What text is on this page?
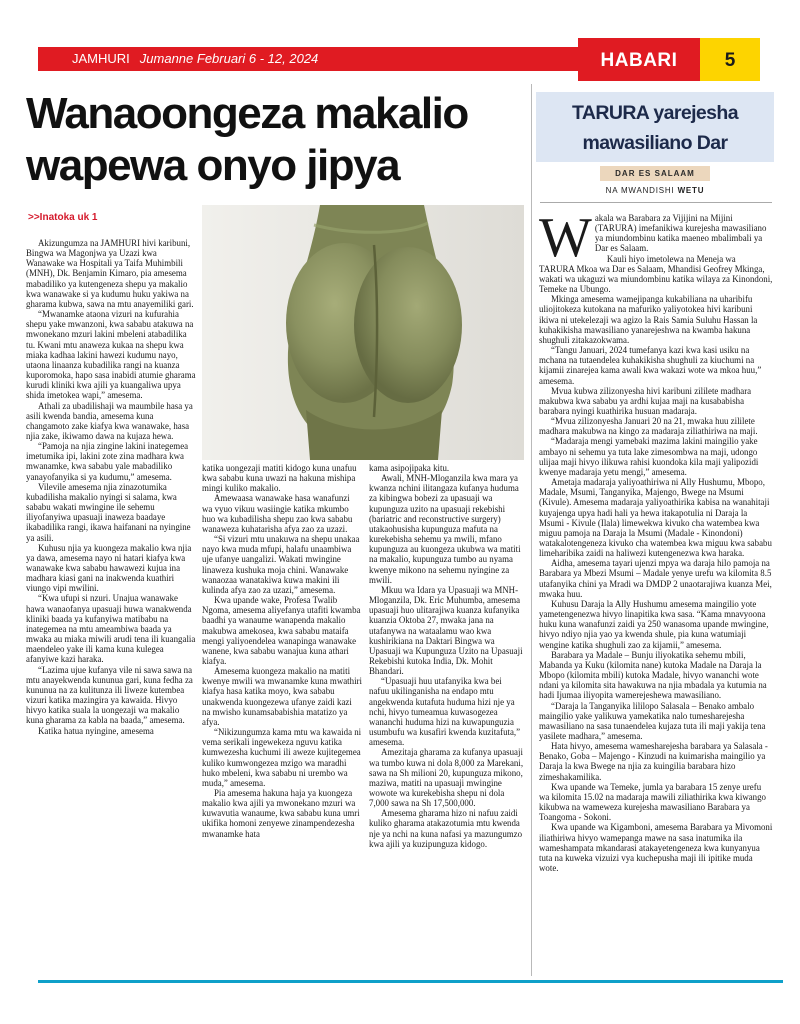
JAMHURI Jumanne Februari 6 - 12, 2024	HABARI	5
Wanaoongeza makalio wapewa onyo jipya
>>Inatoka uk 1

Akizungumza na JAMHURI hivi karibuni, Bingwa wa Magonjwa ya Uzazi kwa Wanawake wa Hospitali ya Taifa Muhimbili (MNH), Dk. Benjamin Kimaro, pia amesema mabadiliko ya kutengeneza shepu ya makalio kwa wanawake si ya kudumu huku yakiwa na gharama kubwa, sawa na mtu anayemiliki gari.

“Mwanamke ataona vizuri na kufurahia shepu yake mwanzoni, kwa sababu atakuwa na mwonekano mzuri lakini mbeleni atabadilika tu. Kwani mtu anaweza kukaa na shepu kwa miaka kadhaa lakini hawezi kudumu nayo, utaona linaanza kubadilika rangi na kuanza kuporomoka, hapo sasa inabidi atumie gharama kurudi kliniki kwa ajili ya kuangaliwa upya shida imetokea wapi,” amesema.

Athali za ubadilishaji wa maumbile hasa ya asili kwenda bandia, amesema kuna changamoto zake kiafya kwa wanawake, hasa njia zake, ikiwamo dawa na kujaza hewa.

“Pamoja na njia zingine lakini inategemea imetumika ipi, lakini zote zina madhara kwa mwanamke, kwa sababu yale mabadiliko yanayofanyika si ya kudumu,” amesema.

Vilevile amesema njia zinazotumika kubadilisha makalio nyingi si salama, kwa sababu wakati mwingine ile sehemu iliyofanyiwa upasuaji inaweza baadaye ikabadilika rangi, ikawa haifanani na nyingine ya asili.

Kuhusu njia ya kuongeza makalio kwa njia ya dawa, amesema nayo ni hatari kiafya kwa wanawake kwa sababu hawawezi kujua ina madhara kiasi gani na inakwenda kuathiri viungo vipi mwilini.

“Kwa ufupi si nzuri. Unajua wanawake hawa wanaofanya upasuaji huwa wanakwenda kliniki baada ya kufanyiwa matibabu na inategemea na mtu amеambiwa baada ya mwaka au miaka miwili arudi tena ili kuangalia maendeleo yake ili kama kuna kulegea afanyiwe kazi haraka.

“Lazima ujue kufanya vile ni sawa sawa na mtu anayekwenda kununua gari, kuna fedha za kununua na za kulitunza ili liweze kutembea vizuri katika mazingira ya kawaida. Hivyo hivyo katika suala la uongezaji wa makalio kuna gharama za kabla na baada,” amesema.

Katika hatua nyingine, amesema

katika uongezaji matiti kidogo kuna unafuu kwa sababu kuna uwazi na hakuna mishipa mingi kuliko makalio.

Amewaasa wanawake hasa wanafunzi wa vyuo vikuu wasiingie katika mkumbo huo wa kubadilisha shepu zao kwa sababu wanaweza kuhatarisha afya zao za uzazi.

“Si vizuri mtu unakuwa na shepu unakaa nayo kwa muda mfupi, halafu unaambiwa uje ufanye uangalizi. Wakati mwingine linaweza kushuka moja chini. Wanawake wanaozaa wanatakiwa kuwa makini ili kulinda afya zao za uzazi,” amesema.

Kwa upande wake, Profesa Twalib Ngoma, amesema aliyefanya utafiti kwamba baadhi ya wanaume wanapenda makalio makubwa amekosea, kwa sababu mataifa mengi yaliyoendelea wanapinga wanawake wanene, kwa sababu wanajua kuna athari kiafya.

Amesema kuongeza makalio na matiti kwenye mwili wa mwanamke kuna mwathiri kiafya hasa katika moyo, kwa sababu unakwenda kuongezewa ufanye zaidi kazi na mwisho kunamsababishia matatizo ya afya.

“Nikizungumza kama mtu wa kawaida ni vema serikali ingewekeza nguvu katika kumwezesha kuchumi ili aweze kujitegemea kuliko kumwongezea mzigo wa maradhi huko mbeleni, kwa sababu ni urembo wa muda,” amesema.

Pia amesema hakuna haja ya kuongeza makalio kwa ajili ya mwonekano mzuri wa kuwavutia wanaume, kwa sababu kuna umri ukifika homoni zenyewe zinampendezesha mwanamke hata

kama asipojipaka kitu.

Awali, MNH-Mloganzila kwa mara ya kwanza nchini ilitangaza kufanya huduma za kibingwa bobezi za upasuaji wa kupunguza uzito na upasuaji rekebishi (bariatric and reconstructive surgery) utakaohusisha kupunguza mafuta na kurekebisha sehemu ya mwili, mfano kupunguza au kuongeza ukubwa wa matiti na makalio, kupunguza tumbo au nyama kwenye mikono na sehemu nyingine za mwili.

Mkuu wa Idara ya Upasuaji wa MNH-Mloganzila, Dk. Eric Muhumba, amesema upasuaji huo ulitarajiwa kuanza kufanyika kuanzia Oktoba 27, mwaka jana na utafanywa na wataalamu wao kwa kushirikiana na Daktari Bingwa wa Upasuaji wa Kupunguza Uzito na Upasuaji Rekebishi kutoka India, Dk. Mohit Bhandari.

“Upasuaji huu utafanyika kwa bei nafuu ukilinganisha na endapo mtu angekwenda kutafuta huduma hizi nje ya nchi, hivyo tumeamua kuwasogezea wananchi huduma hizi na kuwapunguzia usumbufu wa kusafiri kwenda kuzitafuta,” amesema.

Amezitaja gharama za kufanya upasuaji wa tumbo kuwa ni dola 8,000 za Marekani, sawa na Sh milioni 20, kupunguza mikono, maziwa, matiti na upasuaji mwingine wowote wa kurekebisha shepu ni dola 7,000 sawa na Sh 17,500,000.

Amesema gharama hizo ni nafuu zaidi kuliko gharama atakazotumia mtu kwenda nje ya nchi na kuna nafasi ya mazungumzo kwa ajili ya kuzipunguza kidogo.

TARURA yarejesha mawasiliano Dar
DAR ES SALAAM
NA MWANDISHI WETU

Wakala wa Barabara za Vijijini na Mijini (TARURA) imefanikiwa kurejesha mawasiliano ya miundombinu katika maeneo mbalimbali ya Dar es Salaam.

Kauli hiyo imetolewa na Meneja wa TARURA Mkoa wa Dar es Salaam, Mhandisi Geofrey Mkinga, wakati wa ukaguzi wa miundombinu katika wilaya za Kinondoni, Temeke na Ubungo.

Mkinga amesema wamejipanga kukabiliana na uharibifu uliojitokeza kutokana na mafuriko yaliyotokea hivi karibuni ikiwa ni utekelezaji wa agizo la Rais Samia Suluhu Hassan la kuhakikisha mawasiliano yanarejeshwa na kwamba hakuna shughuli zitakazokwama.

“Tangu Januari, 2024 tumefanya kazi kwa kasi usiku na mchana na tutaendelea kuhakikisha shughuli za kiuchumi na kijamii zinarejea kama awali kwa wakazi wote wa mkoa huu,” amesema.

Mvua kubwa zilizonyesha hivi karibuni zililete madhara makubwa kwa sababu ya ardhi kujaa maji na kusababisha barabara nyingi kuathirika husuan madaraja.

“Mvua zilizonyesha Januari 20 na 21, mwaka huu zililete madhara makubwa na kingo za madaraja ziliathiriwa na maji.

“Madaraja mengi yamebaki mazima lakini maingilio yake ambayo ni sehemu ya tuta lake zimesombwa na maji, udongo ulijaa maji hivyo ilikuwa rahisi kuondoka kila maji yalipozidi kwenye madaraja yetu mengi,” amesema.

Ametaja madaraja yaliyoathiriwa ni Ally Hushumu, Mbopo, Madale, Msumi, Tanganyika, Majengo, Bwege na Msumi (Kivule). Amesema madaraja yaliyoathirika kabisa na wanahitaji kuyajenga upya hadi hali ya hewa itakapotulia ni Daraja la Msumi - Kivule (Ilala) limewekwa kivuko cha watembea kwa miguu pamoja na Daraja la Msumi (Madale - Kinondoni) watakalotengeneza kivuko cha watembea kwa miguu kwa sababu limeharibika zaidi na haliwezi kutengenezwa kwa haraka.

Aidha, amesema tayari ujenzi mpya wa daraja hilo pamoja na Barabara ya Mbezi Msumi – Madale yenye urefu wa kilomita 8.5 utafanyika chini ya Mradi wa DMDP 2 unaotarajiwa kuanza Mei, mwaka huu.

Kuhusu Daraja la Ally Hushumu amesema maingilio yote yametengenezwa hivyo linapitika kwa sasa. “Kama mnavyoona huku kuna wanafunzi zaidi ya 250 wanasoma upande mwingine, hivyo ndiyo njia yao ya kwenda shule, pia kuna watumiaji wengine katika shughuli zao za kijamii,” amesema.

Barabara ya Madale – Bunju iliyokatika sehemu mbili, Mabanda ya Kuku (kilomita nane) kutoka Madale na Daraja la Mbopo (kilomita mbili) kutoka Madale, hivyo wananchi wote ndani ya kilomita sita hawakuwa na njia mbadala ya kutumia na hadi Ijumaa iliyopita wamerejeshewa mawasiliano.

“Daraja la Tanganyika lililopo Salasala – Benako ambalo maingilio yake yalikuwa yamekatika nalo tumeshareјesha mawasiliano na sasa tunaendelea kujaza tuta ili maji yakija tena yasilete madhara,” amesema.

Hata hivyo, amesema wameshareјesha barabara ya Salasala - Benako, Goba – Majengo - Kinzudi na kuimarisha maingilio ya Daraja la kwa Bwege na njia za kuingilia barabara hizo zimeshakamilika.

Kwa upande wa Temeke, jumla ya barabara 15 zenye urefu wa kilomita 15.02 na madaraja mawili ziliathirika kwa kiwango kikubwa na wameweza kurejesha mawasiliano Barabara ya Toangoma - Sokoni.

Kwa upande wa Kigamboni, amesema Barabara ya Mivomoni iliathiriwa hivyo wamepanga mawe na sasa inatumika ila wameshampata mkandarasi atakayetengeneza kwa kunyanyua tuta na kuweka vizuizi vya kuchepusha maji ili ipitike muda wote.
